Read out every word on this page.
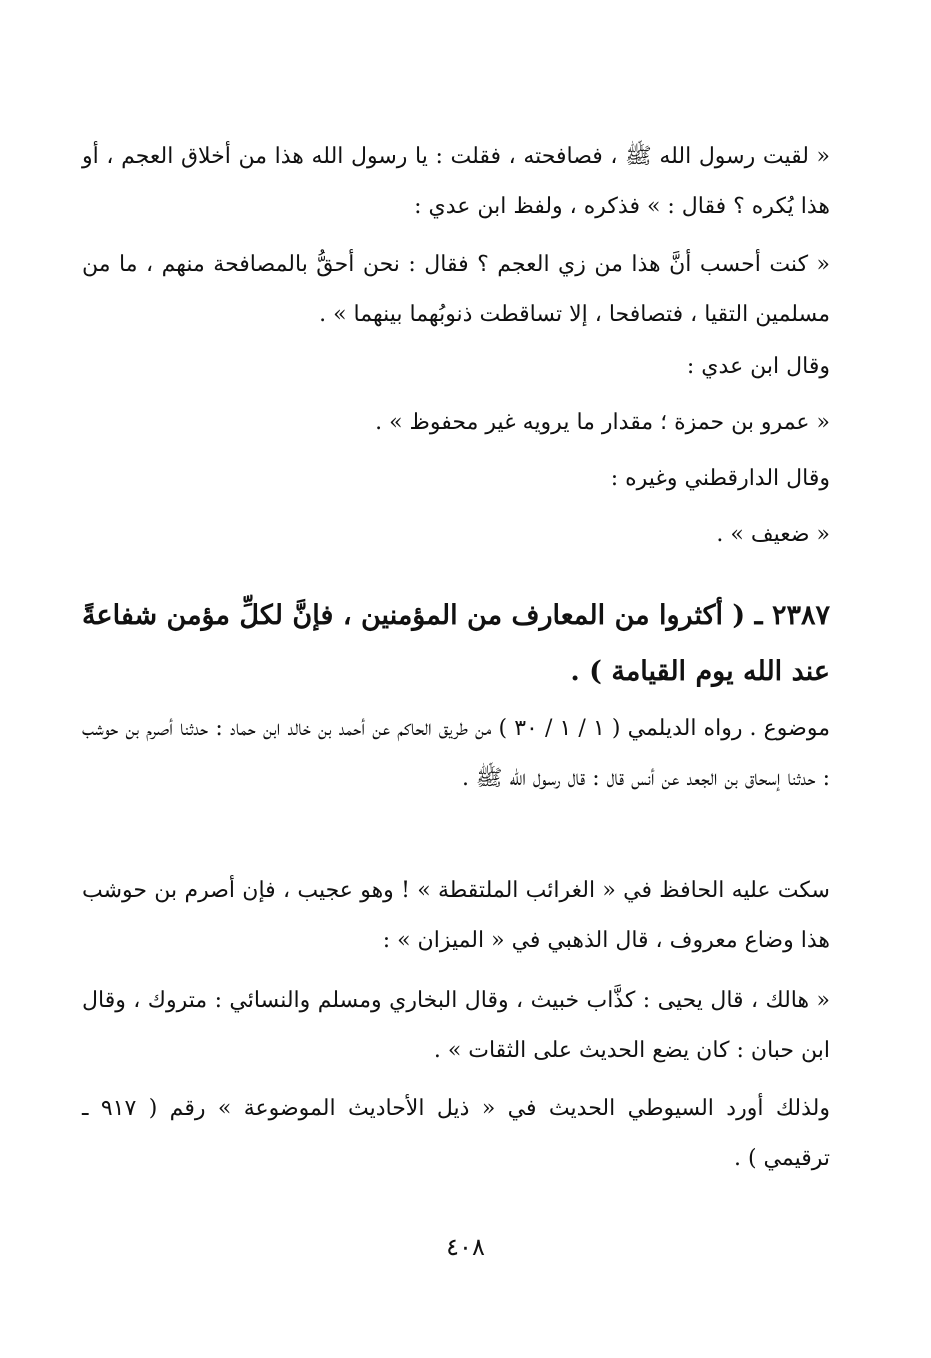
« لقيت رسول الله ﷺ ، فصافحته ، فقلت : يا رسول الله هذا من أخلاق العجم ، أو هذا يُكره ؟ فقال : » فذكره ، ولفظ ابن عدي :

« كنت أحسب أنَّ هذا من زي العجم ؟ فقال : نحن أحقُّ بالمصافحة منهم ، ما من مسلمين التقيا ، فتصافحا ، إلا تساقطت ذنوبُهما بينهما » .

وقال ابن عدي :

« عمرو بن حمزة ؛ مقدار ما يرويه غير محفوظ » .

وقال الدارقطني وغيره :

« ضعيف » .

٢٣٨٧ ـ ( أكثروا من المعارف من المؤمنين ، فإنَّ لكلِّ مؤمن شفاعةً عند الله يوم القيامة ) .

موضوع . رواه الديلمي ( ١ / ١ / ٣٠ ) من طريق الحاكم عن أحمد بن خالد ابن حماد : حدثنا أصرم بن حوشب : حدثنا إسحاق بن الجعد عن أنس قال : قال رسول الله ﷺ .

سكت عليه الحافظ في « الغرائب الملتقطة » ! وهو عجيب ، فإن أصرم بن حوشب هذا وضاع معروف ، قال الذهبي في « الميزان » :

« هالك ، قال يحيى : كذَّاب خبيث ، وقال البخاري ومسلم والنسائي : متروك ، وقال ابن حبان : كان يضع الحديث على الثقات » .

ولذلك أورد السيوطي الحديث في « ذيل الأحاديث الموضوعة » رقم ( ٩١٧ ـ ترقيمي ) .

٤٠٨
